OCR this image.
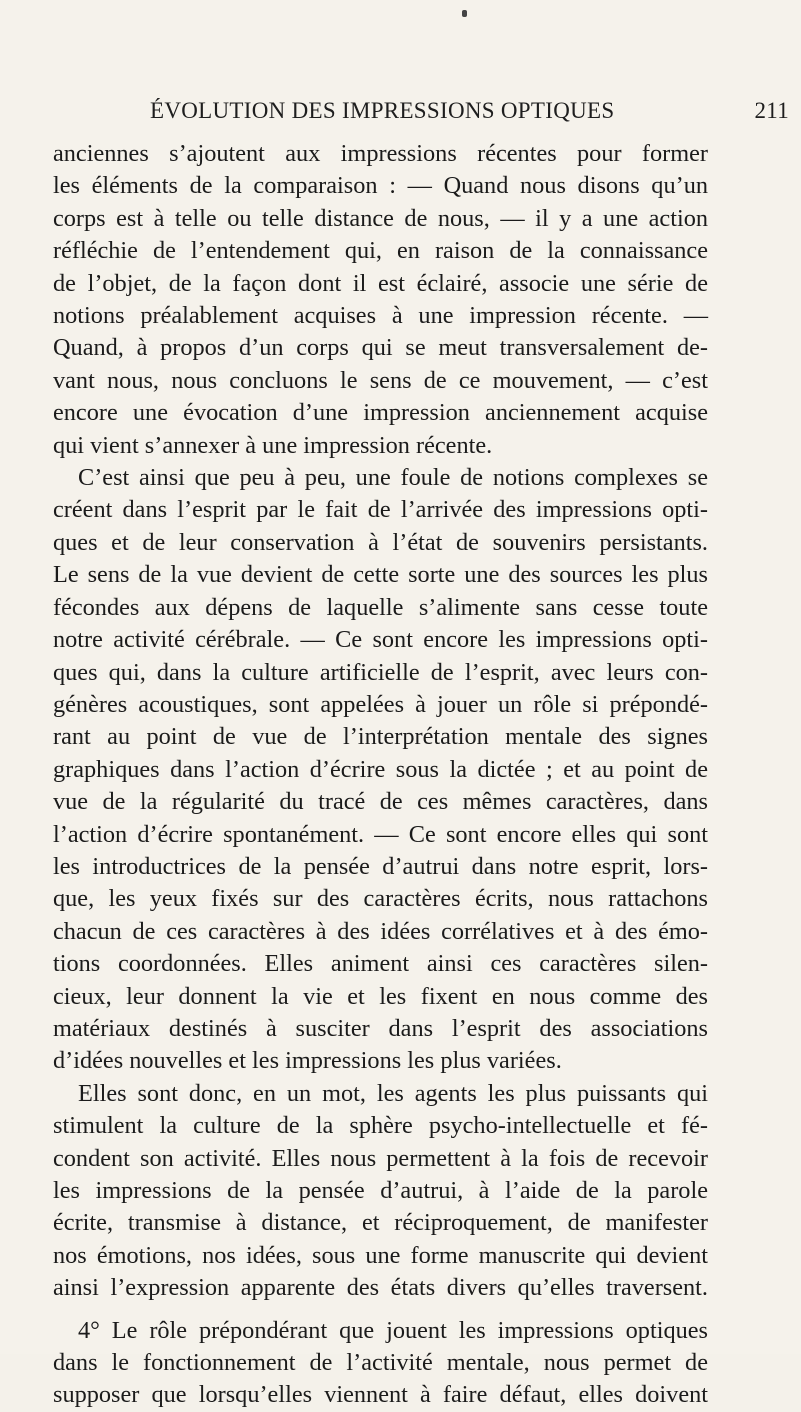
ÉVOLUTION DES IMPRESSIONS OPTIQUES	211

anciennes s’ajoutent aux impressions récentes pour former
les éléments de la comparaison : — Quand nous disons qu’un
corps est à telle ou telle distance de nous, — il y a une action
réfléchie de l’entendement qui, en raison de la connaissance
de l’objet, de la façon dont il est éclairé, associe une série de
notions préalablement acquises à une impression récente. —
Quand, à propos d’un corps qui se meut transversalement de-
vant nous, nous concluons le sens de ce mouvement, — c’est
encore une évocation d’une impression anciennement acquise
qui vient s’annexer à une impression récente.

C’est ainsi que peu à peu, une foule de notions complexes se
créent dans l’esprit par le fait de l’arrivée des impressions opti-
ques et de leur conservation à l’état de souvenirs persistants.
Le sens de la vue devient de cette sorte une des sources les plus
fécondes aux dépens de laquelle s’alimente sans cesse toute
notre activité cérébrale. — Ce sont encore les impressions opti-
ques qui, dans la culture artificielle de l’esprit, avec leurs con-
génères acoustiques, sont appelées à jouer un rôle si prépondé-
rant au point de vue de l’interprétation mentale des signes
graphiques dans l’action d’écrire sous la dictée ; et au point de
vue de la régularité du tracé de ces mêmes caractères, dans
l’action d’écrire spontanément. — Ce sont encore elles qui sont
les introductrices de la pensée d’autrui dans notre esprit, lors-
que, les yeux fixés sur des caractères écrits, nous rattachons
chacun de ces caractères à des idées corrélatives et à des émo-
tions coordonnées. Elles animent ainsi ces caractères silen-
cieux, leur donnent la vie et les fixent en nous comme des
matériaux destinés à susciter dans l’esprit des associations
d’idées nouvelles et les impressions les plus variées.

Elles sont donc, en un mot, les agents les plus puissants qui
stimulent la culture de la sphère psycho-intellectuelle et fé-
condent son activité. Elles nous permettent à la fois de recevoir
les impressions de la pensée d’autrui, à l’aide de la parole
écrite, transmise à distance, et réciproquement, de manifester
nos émotions, nos idées, sous une forme manuscrite qui devient
ainsi l’expression apparente des états divers qu’elles traversent.

4° Le rôle prépondérant que jouent les impressions optiques
dans le fonctionnement de l’activité mentale, nous permet de
supposer que lorsqu’elles viennent à faire défaut, elles doivent
